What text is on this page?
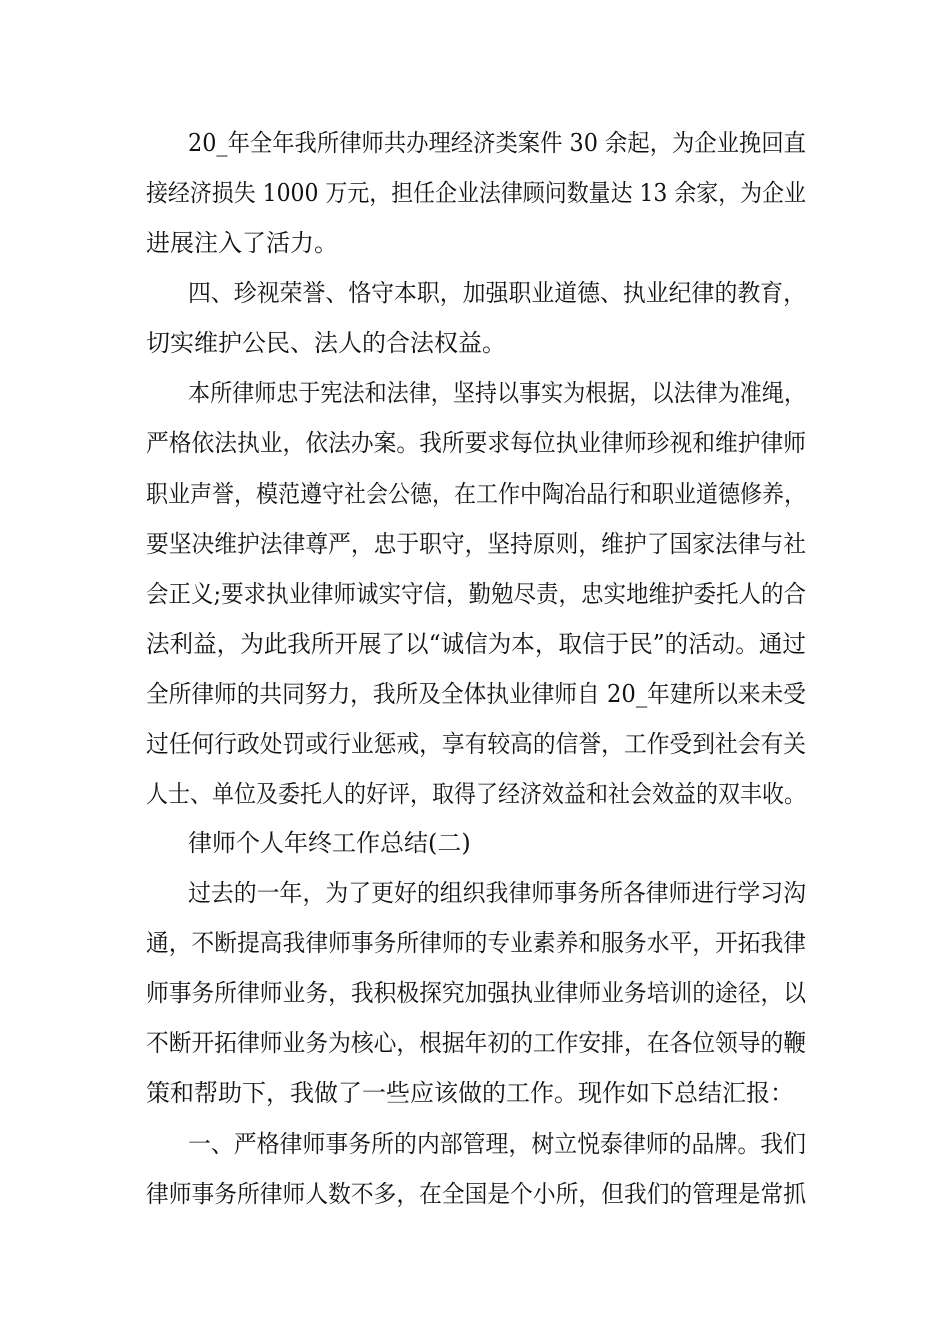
20_年全年我所律师共办理经济类案件 30 余起，为企业挽回直
接经济损失 1000 万元，担任企业法律顾问数量达 13 余家，为企业
进展注入了活力。
四、珍视荣誉、恪守本职，加强职业道德、执业纪律的教育，
切实维护公民、法人的合法权益。
本所律师忠于宪法和法律，坚持以事实为根据，以法律为准绳，
严格依法执业，依法办案。我所要求每位执业律师珍视和维护律师
职业声誉，模范遵守社会公德，在工作中陶冶品行和职业道德修养，
要坚决维护法律尊严，忠于职守，坚持原则，维护了国家法律与社
会正义;要求执业律师诚实守信，勤勉尽责，忠实地维护委托人的合
法利益，为此我所开展了以“诚信为本，取信于民”的活动。通过
全所律师的共同努力，我所及全体执业律师自 20_年建所以来未受
过任何行政处罚或行业惩戒，享有较高的信誉，工作受到社会有关
人士、单位及委托人的好评，取得了经济效益和社会效益的双丰收。
律师个人年终工作总结(二)
过去的一年，为了更好的组织我律师事务所各律师进行学习沟
通，不断提高我律师事务所律师的专业素养和服务水平，开拓我律
师事务所律师业务，我积极探究加强执业律师业务培训的途径，以
不断开拓律师业务为核心，根据年初的工作安排，在各位领导的鞭
策和帮助下，我做了一些应该做的工作。现作如下总结汇报：
一、严格律师事务所的内部管理，树立悦泰律师的品牌。我们
律师事务所律师人数不多，在全国是个小所，但我们的管理是常抓
